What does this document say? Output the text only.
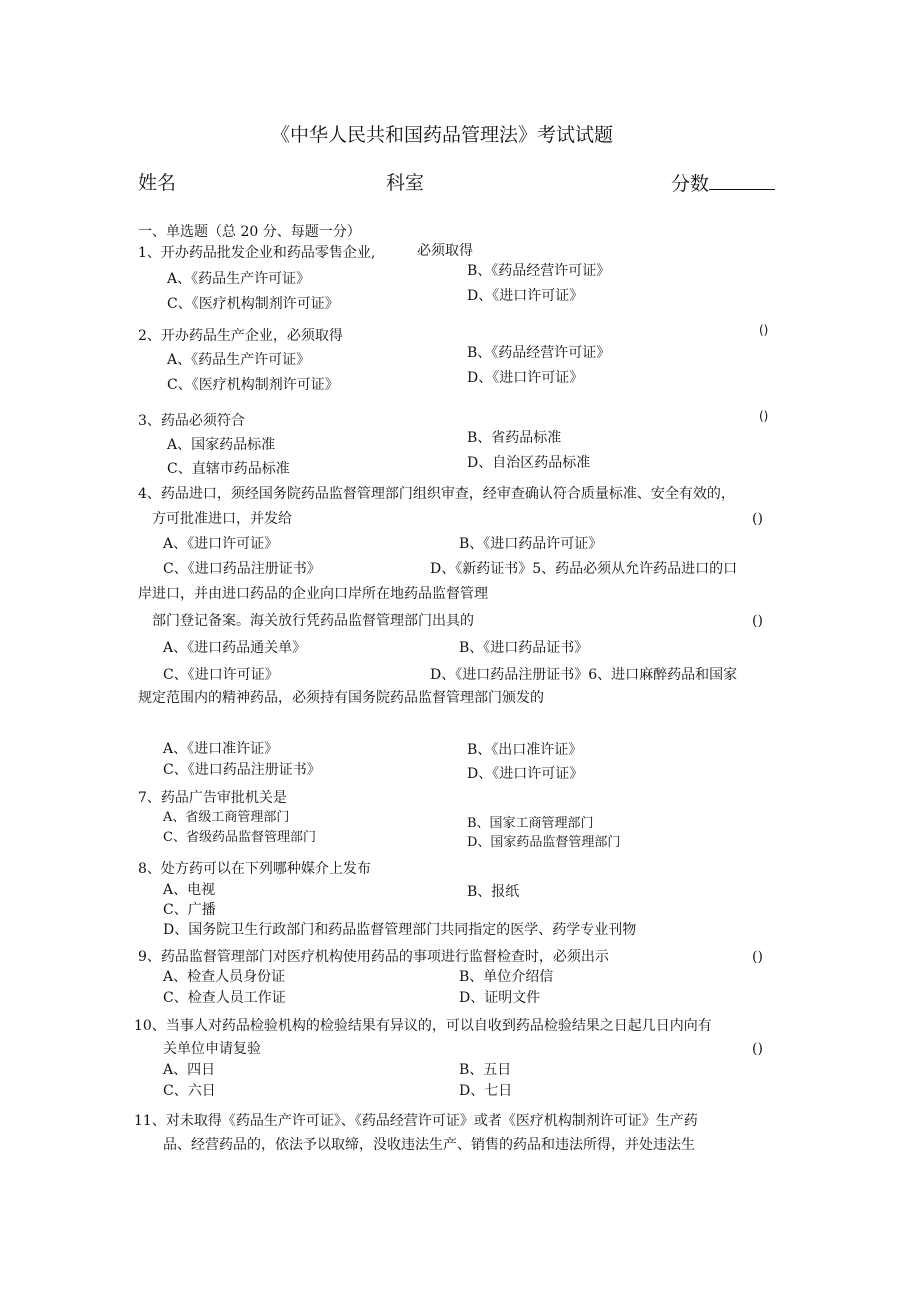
《中华人民共和国药品管理法》考试试题
姓名	科室	分数
一、单选题（总 20 分、每题一分）
1、开办药品批发企业和药品零售企业,	必须取得
A、《药品生产许可证》	B、《药品经营许可证》
C、《医疗机构制剂许可证》	D、《进口许可证》
2、开办药品生产企业，必须取得	()
A、《药品生产许可证》	B、《药品经营许可证》
C、《医疗机构制剂许可证》	D、《进口许可证》
3、药品必须符合	()
A、国家药品标准	B、省药品标准
C、直辖市药品标准	D、自治区药品标准
4、药品进口，须经国务院药品监督管理部门组织审查，经审查确认符合质量标准、安全有效的，
方可批准进口，并发给	()
A、《进口许可证》	B、《进口药品许可证》
C、《进口药品注册证书》	D、《新药证书》5、药品必须从允许药品进口的口
岸进口，并由进口药品的企业向口岸所在地药品监督管理
部门登记备案。海关放行凭药品监督管理部门出具的	()
A、《进口药品通关单》	B、《进口药品证书》
C、《进口许可证》	D、《进口药品注册证书》6、进口麻醉药品和国家
规定范围内的精神药品，必须持有国务院药品监督管理部门颁发的
A、《进口准许证》	B、《出口准许证》
C、《进口药品注册证书》	D、《进口许可证》
7、药品广告审批机关是
A、省级工商管理部门	B、国家工商管理部门
C、省级药品监督管理部门	D、国家药品监督管理部门
8、处方药可以在下列哪种媒介上发布
A、电视	B、报纸
C、广播
D、国务院卫生行政部门和药品监督管理部门共同指定的医学、药学专业刊物
9、药品监督管理部门对医疗机构使用药品的事项进行监督检查时，必须出示	()
A、检查人员身份证	B、单位介绍信
C、检查人员工作证	D、证明文件
10、当事人对药品检验机构的检验结果有异议的，可以自收到药品检验结果之日起几日内向有
关单位申请复验	()
A、四日	B、五日
C、六日	D、七日
11、对未取得《药品生产许可证》、《药品经营许可证》或者《医疗机构制剂许可证》生产药
品、经营药品的，依法予以取缔，没收违法生产、销售的药品和违法所得，并处违法生
